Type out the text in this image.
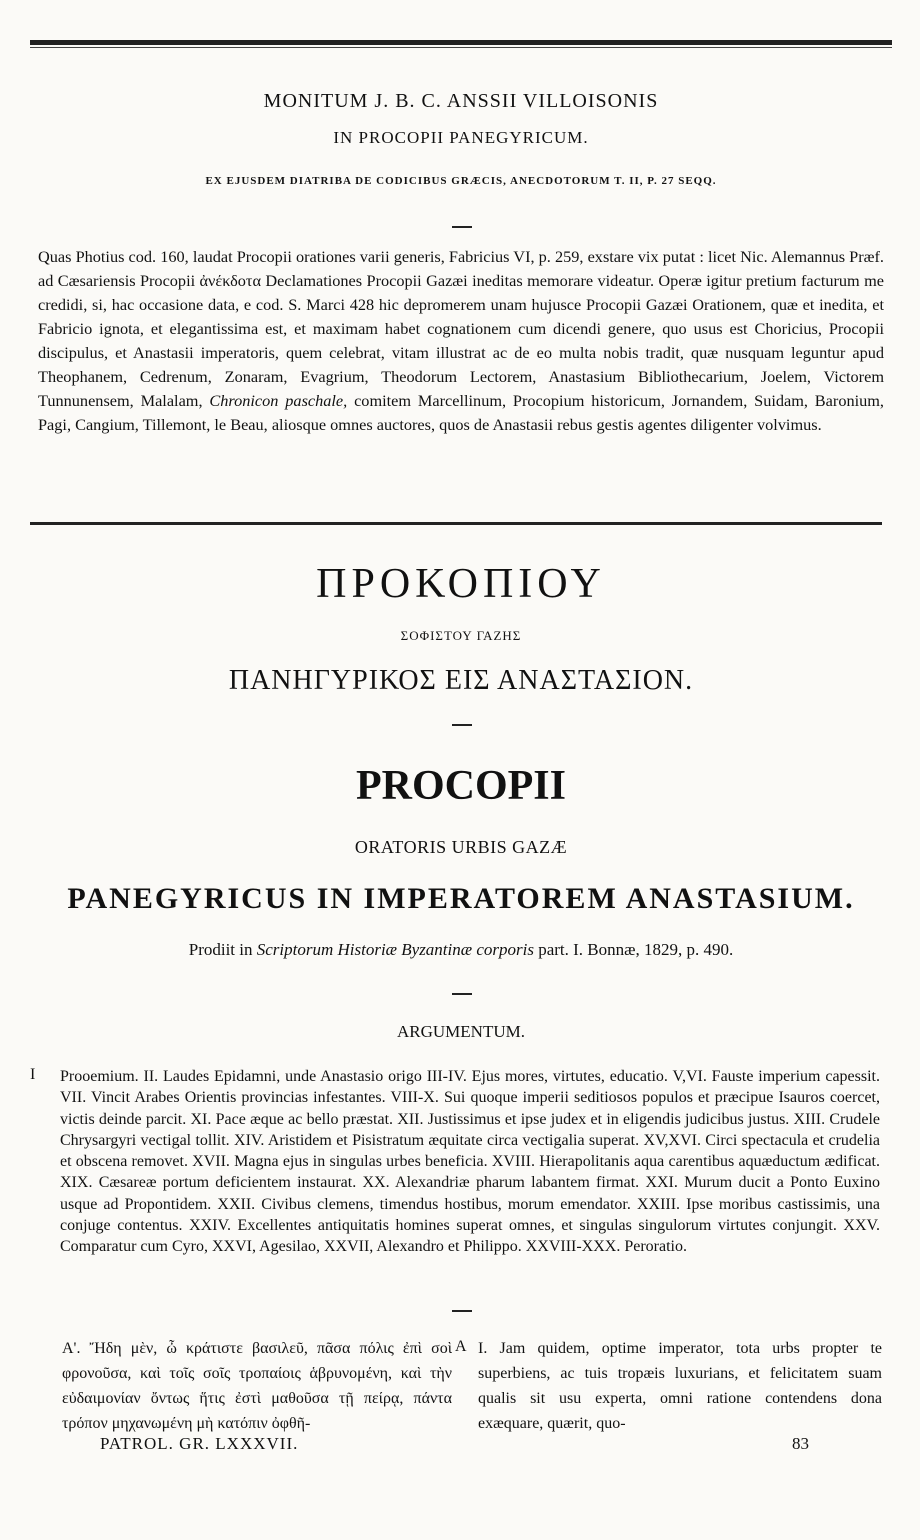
MONITUM J. B. C. ANSSII VILLOISONIS
IN PROCOPII PANEGYRICUM.
EX EJUSDEM DIATRIBA DE CODICIBUS GRÆCIS, ANECDOTORUM T. II, P. 27 SEQQ.
Quas Photius cod. 160, laudat Procopii orationes varii generis, Fabricius VI, p. 259, exstare vix putat : licet Nic. Alemannus Præf. ad Cæsariensis Procopii ἀνέκδοτα Declamationes Procopii Gazæi ineditas memorare videatur. Operæ igitur pretium facturum me credidi, si, hac occasione data, e cod. S. Marci 428 hic depromerem unam hujusce Procopii Gazæi Orationem, quæ et inedita, et Fabricio ignota, et elegantissima est, et maximam habet cognationem cum dicendi genere, quo usus est Choricius, Procopii discipulus, et Anastasii imperatoris, quem celebrat, vitam illustrat ac de eo multa nobis tradit, quæ nusquam leguntur apud Theophanem, Cedrenum, Zonaram, Evagrium, Theodorum Lectorem, Anastasium Bibliothecarium, Joelem, Victorem Tunnunensem, Malalam, Chronicon paschale, comitem Marcellinum, Procopium historicum, Jornandem, Suidam, Baronium, Pagi, Cangium, Tillemont, le Beau, aliosque omnes auctores, quos de Anastasii rebus gestis agentes diligenter volvimus.
ΠΡΟΚΟΠΙΟΥ
ΣΟΦΙΣΤΟΥ ΓΑΖΗΣ
ΠΑΝΗΓΥΡΙΚΟΣ ΕΙΣ ΑΝΑΣΤΑΣΙΟΝ.
PROCOPII
ORATORIS URBIS GAZÆ
PANEGYRICUS IN IMPERATOREM ANASTASIUM.
Prodiit in Scriptorum Historiæ Byzantinæ corporis part. I. Bonnæ, 1829, p. 490.
ARGUMENTUM.
I Prooemium. II. Laudes Epidamni, unde Anastasio origo III-IV. Ejus mores, virtutes, educatio. V,VI. Fauste imperium capessit. VII. Vincit Arabes Orientis provincias infestantes. VIII-X. Sui quoque imperii seditiosos populos et præcipue Isauros coercet, victis deinde parcit. XI. Pace æque ac bello præstat. XII. Justissimus et ipse judex et in eligendis judicibus justus. XIII. Crudele Chrysargyri vectigal tollit. XIV. Aristidem et Pisistratum æquitate circa vectigalia superat. XV,XVI. Circi spectacula et crudelia et obscena removet. XVII. Magna ejus in singulas urbes beneficia. XVIII. Hierapolitanis aqua carentibus aquæductum ædificat. XIX. Cæsareæ portum deficientem instaurat. XX. Alexandriæ pharum labantem firmat. XXI. Murum ducit a Ponto Euxino usque ad Propontidem. XXII. Civibus clemens, timendus hostibus, morum emendator. XXIII. Ipse moribus castissimis, una conjuge contentus. XXIV. Excellentes antiquitatis homines superat omnes, et singulas singulorum virtutes conjungit. XXV. Comparatur cum Cyro, XXVI, Agesilao, XXVII, Alexandro et Philippo. XXVIII-XXX. Peroratio.
Α'. Ἤδη μὲν, ὦ κράτιστε βασιλεῦ, πᾶσα πόλις ἐπὶ σοὶ φρονοῦσα, καὶ τοῖς σοῖς τροπαίοις ἁβρυνομένη, καὶ τὴν εὐδαιμονίαν ὄντως ἥτις ἐστὶ μαθοῦσα τῇ πείρᾳ, πάντα τρόπον μηχανωμένη μὴ κατόπιν ὀφθῆ-
A I. Jam quidem, optime imperator, tota urbs propter te superbiens, ac tuis tropæis luxurians, et felicitatem suam qualis sit usu experta, omni ratione contendens dona exæquare, quærit, quo-
PATROL. GR. LXXXVII.	83
